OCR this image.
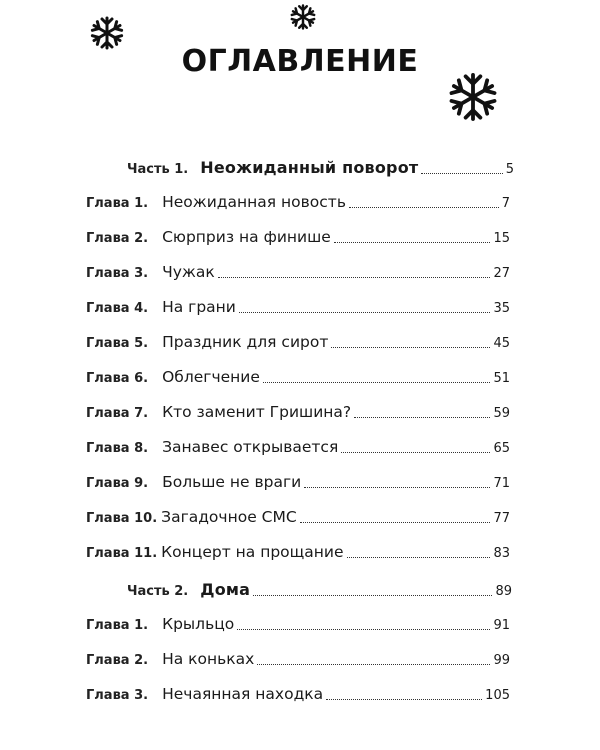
ОГЛАВЛЕНИЕ
Часть 1. Неожиданный поворот	5
Глава 1. Неожиданная новость	7
Глава 2. Сюрприз на финише	15
Глава 3. Чужак	27
Глава 4. На грани	35
Глава 5. Праздник для сирот	45
Глава 6. Облегчение	51
Глава 7. Кто заменит Гришина?	59
Глава 8. Занавес открывается	65
Глава 9. Больше не враги	71
Глава 10. Загадочное СМС	77
Глава 11. Концерт на прощание	83
Часть 2. Дома	89
Глава 1. Крыльцо	91
Глава 2. На коньках	99
Глава 3. Нечаянная находка	105
